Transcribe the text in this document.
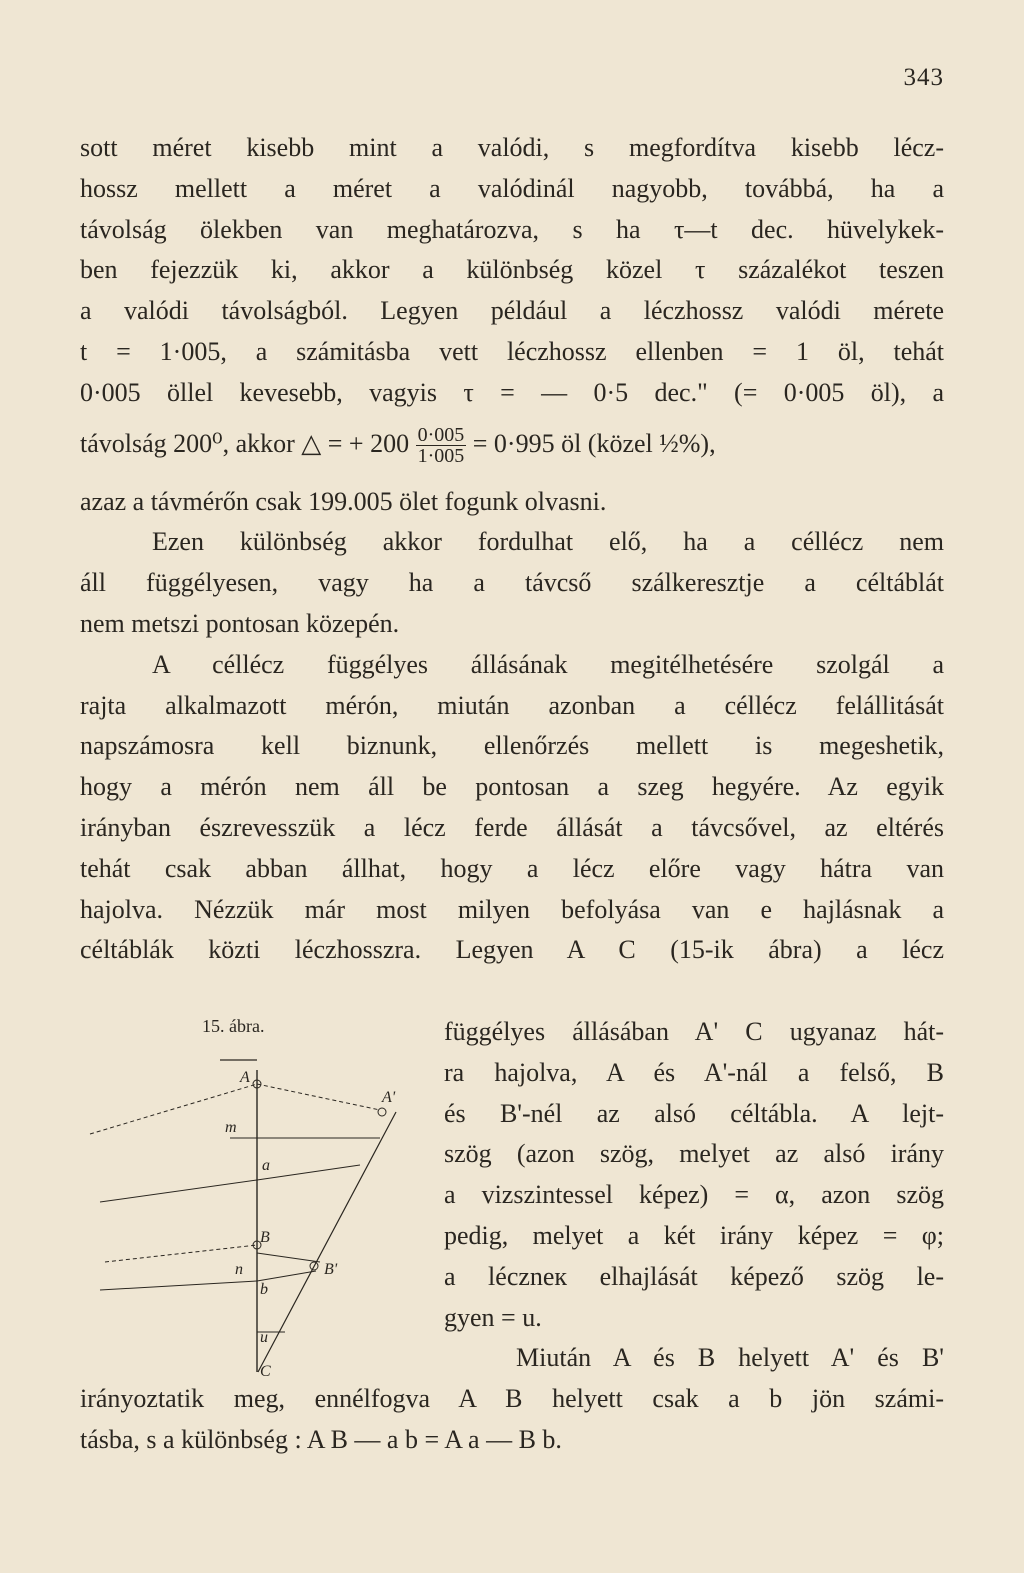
343
sott méret kisebb mint a valódi, s megfordítva kisebb lécz-
hossz mellett a méret a valódinál nagyobb, továbbá, ha a
távolság ölekben van meghatározva, s ha τ—t dec. hüvelykek-
ben fejezzük ki, akkor a különbség közel τ százalékot teszen
a valódi távolságból. Legyen például a léczhossz valódi mérete
t = 1·005, a számitásba vett léczhossz ellenben = 1 öl, tehát
0·005 öllel kevesebb, vagyis τ = — 0·5 dec." (= 0·005 öl), a
távolság 200⁰, akkor △ = + $200 \frac{0\cdot 005}{1\cdot 005} = 0\cdot 995$ öl (közel ½%),
azaz a távmérőn csak 199.005 ölet fogunk olvasni.
Ezen különbség akkor fordulhat elő, ha a céllécz nem
áll függélyesen, vagy ha a távcső szálkeresztje a céltáblát
nem metszi pontosan közepén.
A céllécz függélyes állásának megitélhetésére szolgál a
rajta alkalmazott mérón, miután azonban a céllécz felállitását
napszámosra kell biznunk, ellenőrzés mellett is megeshetik,
hogy a mérón nem áll be pontosan a szeg hegyére. Az egyik
irányban észrevesszük a lécz ferde állását a távcsővel, az eltérés
tehát csak abban állhat, hogy a lécz előre vagy hátra van
hajolva. Nézzük már most milyen befolyása van e hajlásnak a
céltáblák közti léczhosszra. Legyen A C (15-ik ábra) a lécz
15. ábra.
A
A'
m
a
B
B'
n
b
u
C
függélyes állásában A' C ugyanaz hát-
ra hajolva, A és A'-nál a felső, B
és B'-nél az alsó céltábla. A lejt-
szög (azon szög, melyet az alsó irány
a vizszintessel képez) = α, azon szög
pedig, melyet a két irány képez = φ;
a léczneк elhajlását képező szög le-
gyen = u.
Miután A és B helyett A' és B'
irányoztatik meg, ennélfogva A B helyett csak a b jön számi-
tásba, s a különbség : A B — a b = A a — B b.
